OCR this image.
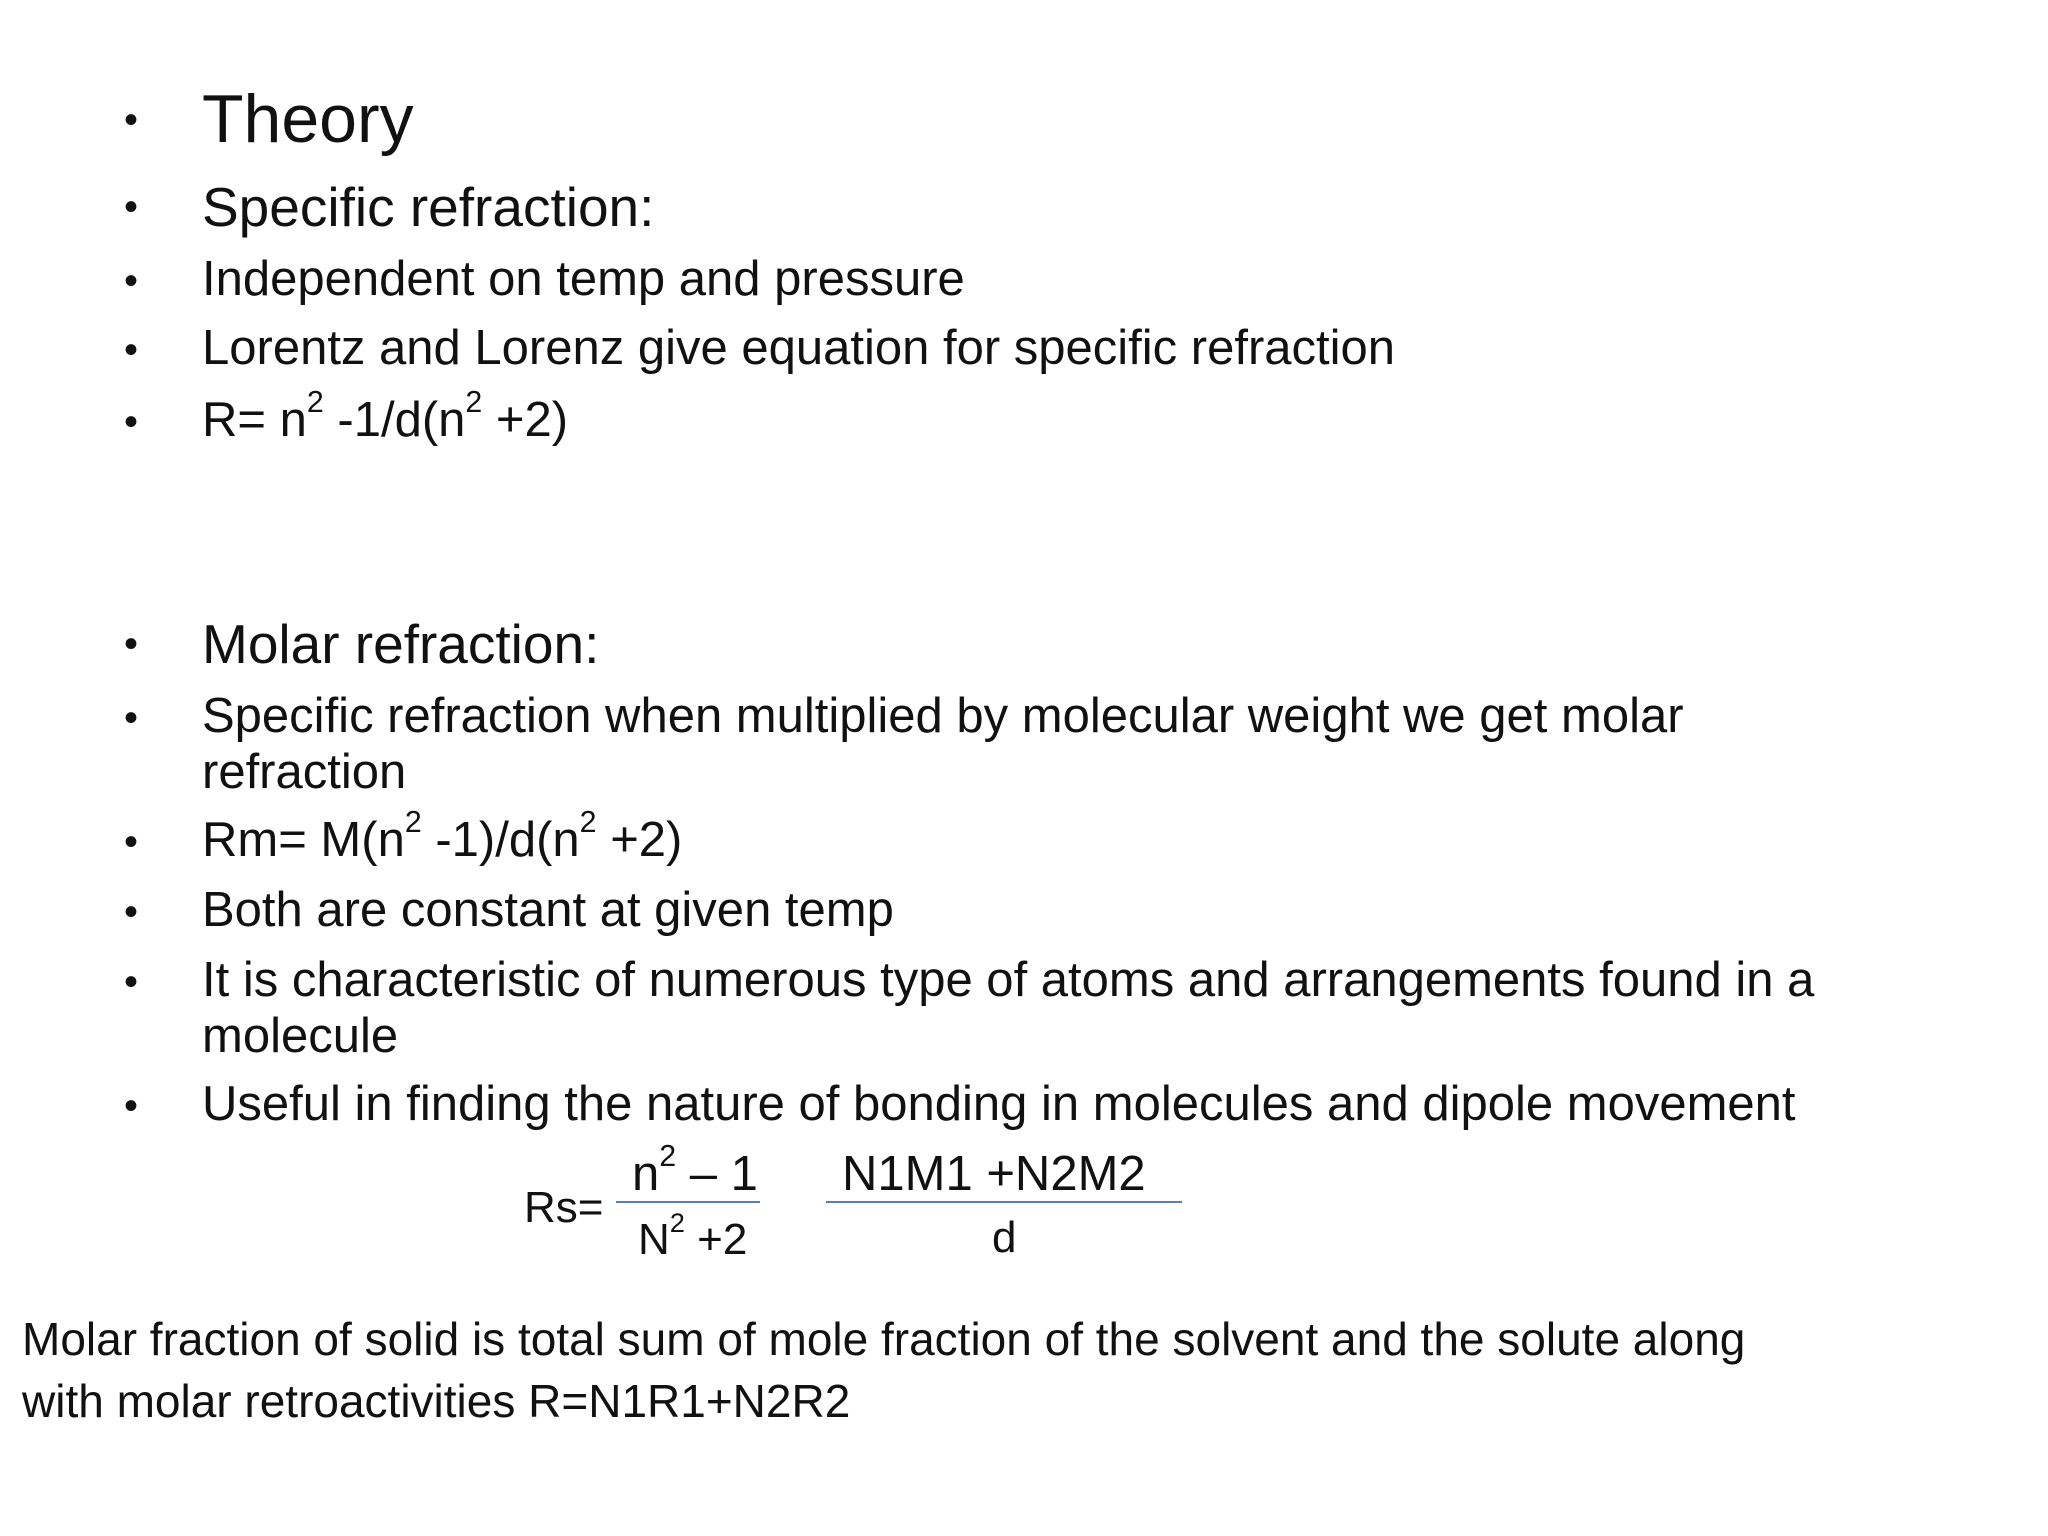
• Theory
• Specific refraction:
• Independent on temp and pressure
• Lorentz and Lorenz give equation for specific refraction
• $R= n^2$ $-1/d(n^2 +2)$
• Molar refraction:
• Specific refraction when multiplied by molecular weight we get molar
refraction
• $Rm= M(n^2$ $-1)/d(n^2 +2)$
• Both are constant at given temp
• It is characteristic of numerous type of atoms and arrangements found in a
molecule
• Useful in finding the nature of bonding in molecules and dipole movement
Rs=
$n^2 - 1$
$N^2 +2$
N1M1 +N2M2
d
Molar fraction of solid is total sum of mole fraction of the solvent and the solute along
with molar retroactivities R=N1R1+N2R2
